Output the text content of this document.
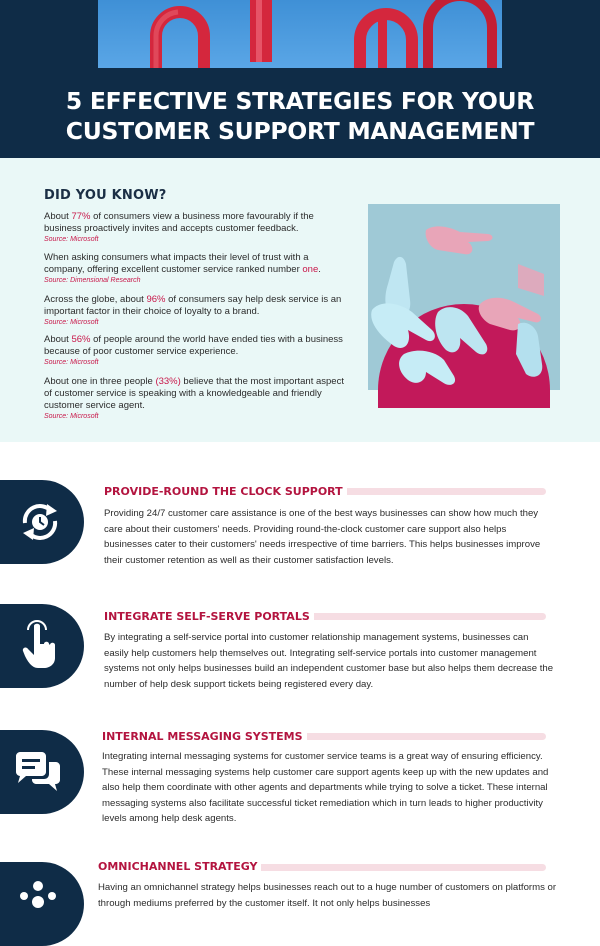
5 EFFECTIVE STRATEGIES FOR YOUR
CUSTOMER SUPPORT MANAGEMENT
DID YOU KNOW?
About 77% of consumers view a business more favourably if the business proactively invites and accepts customer feedback.
Source: Microsoft
When asking consumers what impacts their level of trust with a company, offering excellent customer service ranked number one.
Source: Dimensional Research
Across the globe, about 96% of consumers say help desk service is an important factor in their choice of loyalty to a brand.
Source: Microsoft
About 56% of people around the world have ended ties with a business because of poor customer service experience.
Source: Microsoft
About one in three people (33%) believe that the most important aspect of customer service is speaking with a knowledgeable and friendly customer service agent.
Source: Microsoft
PROVIDE-ROUND THE CLOCK SUPPORT
Providing 24/7 customer care assistance is one of the best ways businesses can show how much they care about their customers' needs. Providing round-the-clock customer care support also helps businesses cater to their customers' needs irrespective of time barriers. This helps businesses improve their customer retention as well as their customer satisfaction levels.
INTEGRATE SELF-SERVE PORTALS
By integrating a self-service portal into customer relationship management systems, businesses can easily help customers help themselves out. Integrating self-service portals into customer management systems not only helps businesses build an independent customer base but also helps them decrease the number of help desk support tickets being registered every day.
INTERNAL MESSAGING SYSTEMS
Integrating internal messaging systems for customer service teams is a great way of ensuring efficiency. These internal messaging systems help customer care support agents keep up with the new updates and also help them coordinate with other agents and departments while trying to solve a ticket. These internal messaging systems also facilitate successful ticket remediation which in turn leads to higher productivity levels among help desk agents.
OMNICHANNEL STRATEGY
Having an omnichannel strategy helps businesses reach out to a huge number of customers on platforms or through mediums preferred by the customer itself. It not only helps businesses
